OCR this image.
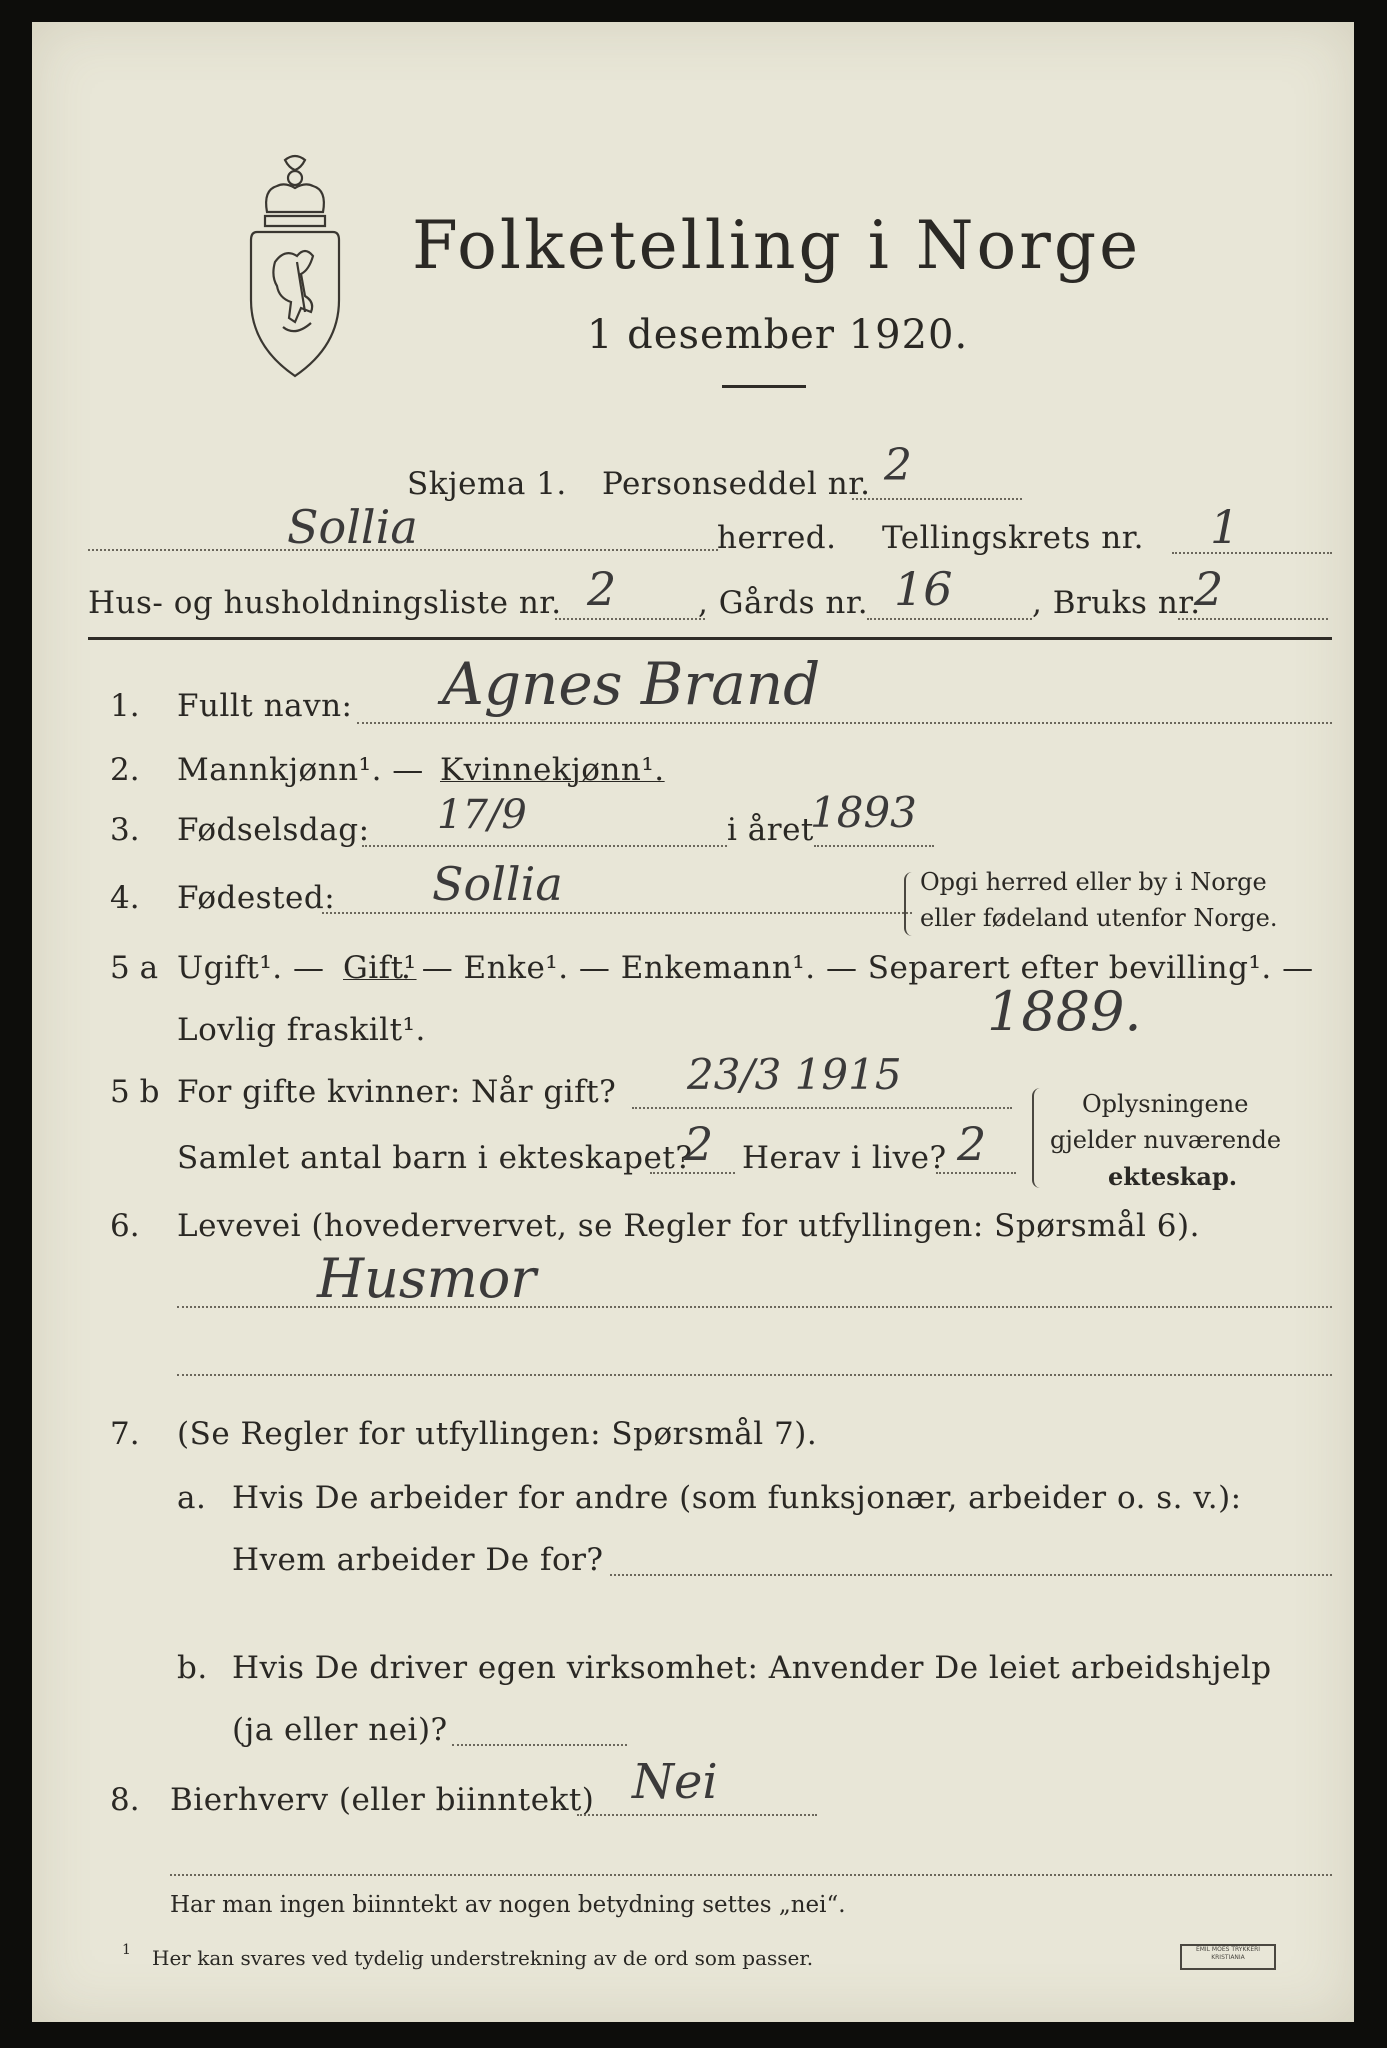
Folketelling i Norge
1 desember 1920.
Skjema 1. Personseddel nr. 2
Sollia	herred. Tellingskrets nr. 1
Hus- og husholdningsliste nr. 2	, Gårds nr. 16	, Bruks nr.
2
1. Fullt navn: Agnes Brand
2. Mannkjønn¹. — Kvinnekjønn¹.
3. Fødselsdag: 17/9	i året
1893
4. Fødested: Sollia	Opgi herred eller by i Norge
eller fødeland utenfor Norge.
5 a Ugift¹. — Gift¹
. — Enke¹. — Enkemann¹. — Separert efter bevilling¹. —
Lovlig fraskilt¹.	1889.
5 b For gifte kvinner: Når gift? 23/3 1915
Samlet antal barn i ekteskapet?
2 Herav i live? 2
Oplysningene
gjelder nuværende
ekteskap.
6. Levevei (hovedervervet, se Regler for utfyllingen: Spørsmål 6).
Husmor
7. (Se Regler for utfyllingen: Spørsmål 7).
a. Hvis De arbeider for andre (som funksjonær, arbeider o. s. v.):
Hvem arbeider De for?
b. Hvis De driver egen virksomhet: Anvender De leiet arbeidshjelp
(ja eller nei)?
8. Bierhverv (eller biinntekt) Nei
Har man ingen biinntekt av nogen betydning settes „nei“.
1 Her kan svares ved tydelig understrekning av de ord som passer.	EMIL MOES TRYKKERI KRISTIANIA
